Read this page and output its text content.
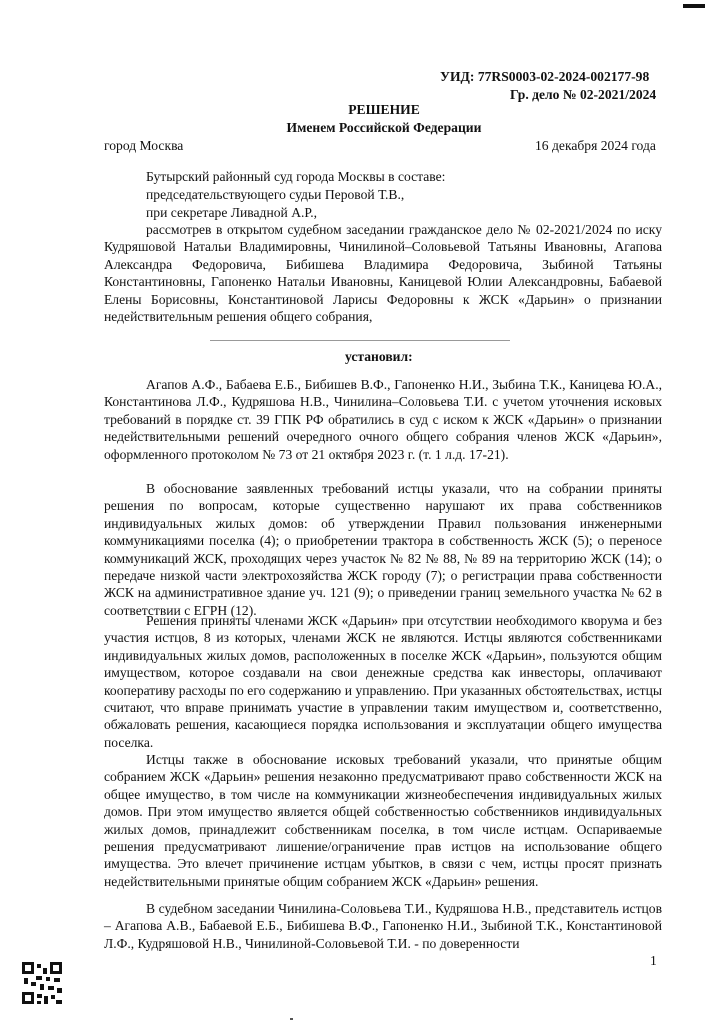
УИД: 77RS0003-02-2024-002177-98
Гр. дело № 02-2021/2024
РЕШЕНИЕ
Именем Российской Федерации
город Москва	16 декабря 2024 года
Бутырский районный суд города Москвы в составе:
председательствующего судьи Перовой Т.В.,
при секретаре Ливадной А.Р.,
рассмотрев в открытом судебном заседании гражданское дело № 02-2021/2024 по иску Кудряшовой Натальи Владимировны, Чинилиной–Соловьевой Татьяны Ивановны, Агапова Александра Федоровича, Бибишева Владимира Федоровича, Зыбиной Татьяны Константиновны, Гапоненко Натальи Ивановны, Каницевой Юлии Александровны, Бабаевой Елены Борисовны, Константиновой Ларисы Федоровны к ЖСК «Дарьин» о признании недействительным решения общего собрания,
установил:
Агапов А.Ф., Бабаева Е.Б., Бибишев В.Ф., Гапоненко Н.И., Зыбина Т.К., Каницева Ю.А., Константинова Л.Ф., Кудряшова Н.В., Чинилина–Соловьева Т.И. с учетом уточнения исковых требований в порядке ст. 39 ГПК РФ обратились в суд с иском к ЖСК «Дарьин» о признании недействительными решений очередного очного общего собрания членов ЖСК «Дарьин», оформленного протоколом № 73 от 21 октября 2023 г. (т. 1 л.д. 17-21).
В обоснование заявленных требований истцы указали, что на собрании приняты решения по вопросам, которые существенно нарушают их права собственников индивидуальных жилых домов: об утверждении Правил пользования инженерными коммуникациями поселка (4); о приобретении трактора в собственность ЖСК (5); о переносе коммуникаций ЖСК, проходящих через участок № 82 № 88, № 89 на территорию ЖСК (14); о передаче низкой части электрохозяйства ЖСК городу (7); о регистрации права собственности ЖСК на административное здание уч. 121 (9); о приведении границ земельного участка № 62 в соответствии с ЕГРН (12).
Решения приняты членами ЖСК «Дарьин» при отсутствии необходимого кворума и без участия истцов, 8 из которых, членами ЖСК не являются. Истцы являются собственниками индивидуальных жилых домов, расположенных в поселке ЖСК «Дарьин», пользуются общим имуществом, которое создавали на свои денежные средства как инвесторы, оплачивают кооперативу расходы по его содержанию и управлению. При указанных обстоятельствах, истцы считают, что вправе принимать участие в управлении таким имуществом и, соответственно, обжаловать решения, касающиеся порядка использования и эксплуатации общего имущества поселка.
Истцы также в обоснование исковых требований указали, что принятые общим собранием ЖСК «Дарьин» решения незаконно предусматривают право собственности ЖСК на общее имущество, в том числе на коммуникации жизнеобеспечения индивидуальных жилых домов. При этом имущество является общей собственностью собственников индивидуальных жилых домов, принадлежит собственникам поселка, в том числе истцам. Оспариваемые решения предусматривают лишение/ограничение прав истцов на использование общего имущества. Это влечет причинение истцам убытков, в связи с чем, истцы просят признать недействительными принятые общим собранием ЖСК «Дарьин» решения.
В судебном заседании Чинилина-Соловьева Т.И., Кудряшова Н.В., представитель истцов – Агапова А.В., Бабаевой Е.Б., Бибишева В.Ф., Гапоненко Н.И., Зыбиной Т.К., Константиновой Л.Ф., Кудряшовой Н.В., Чинилиной-Соловьевой Т.И. - по доверенности
1
